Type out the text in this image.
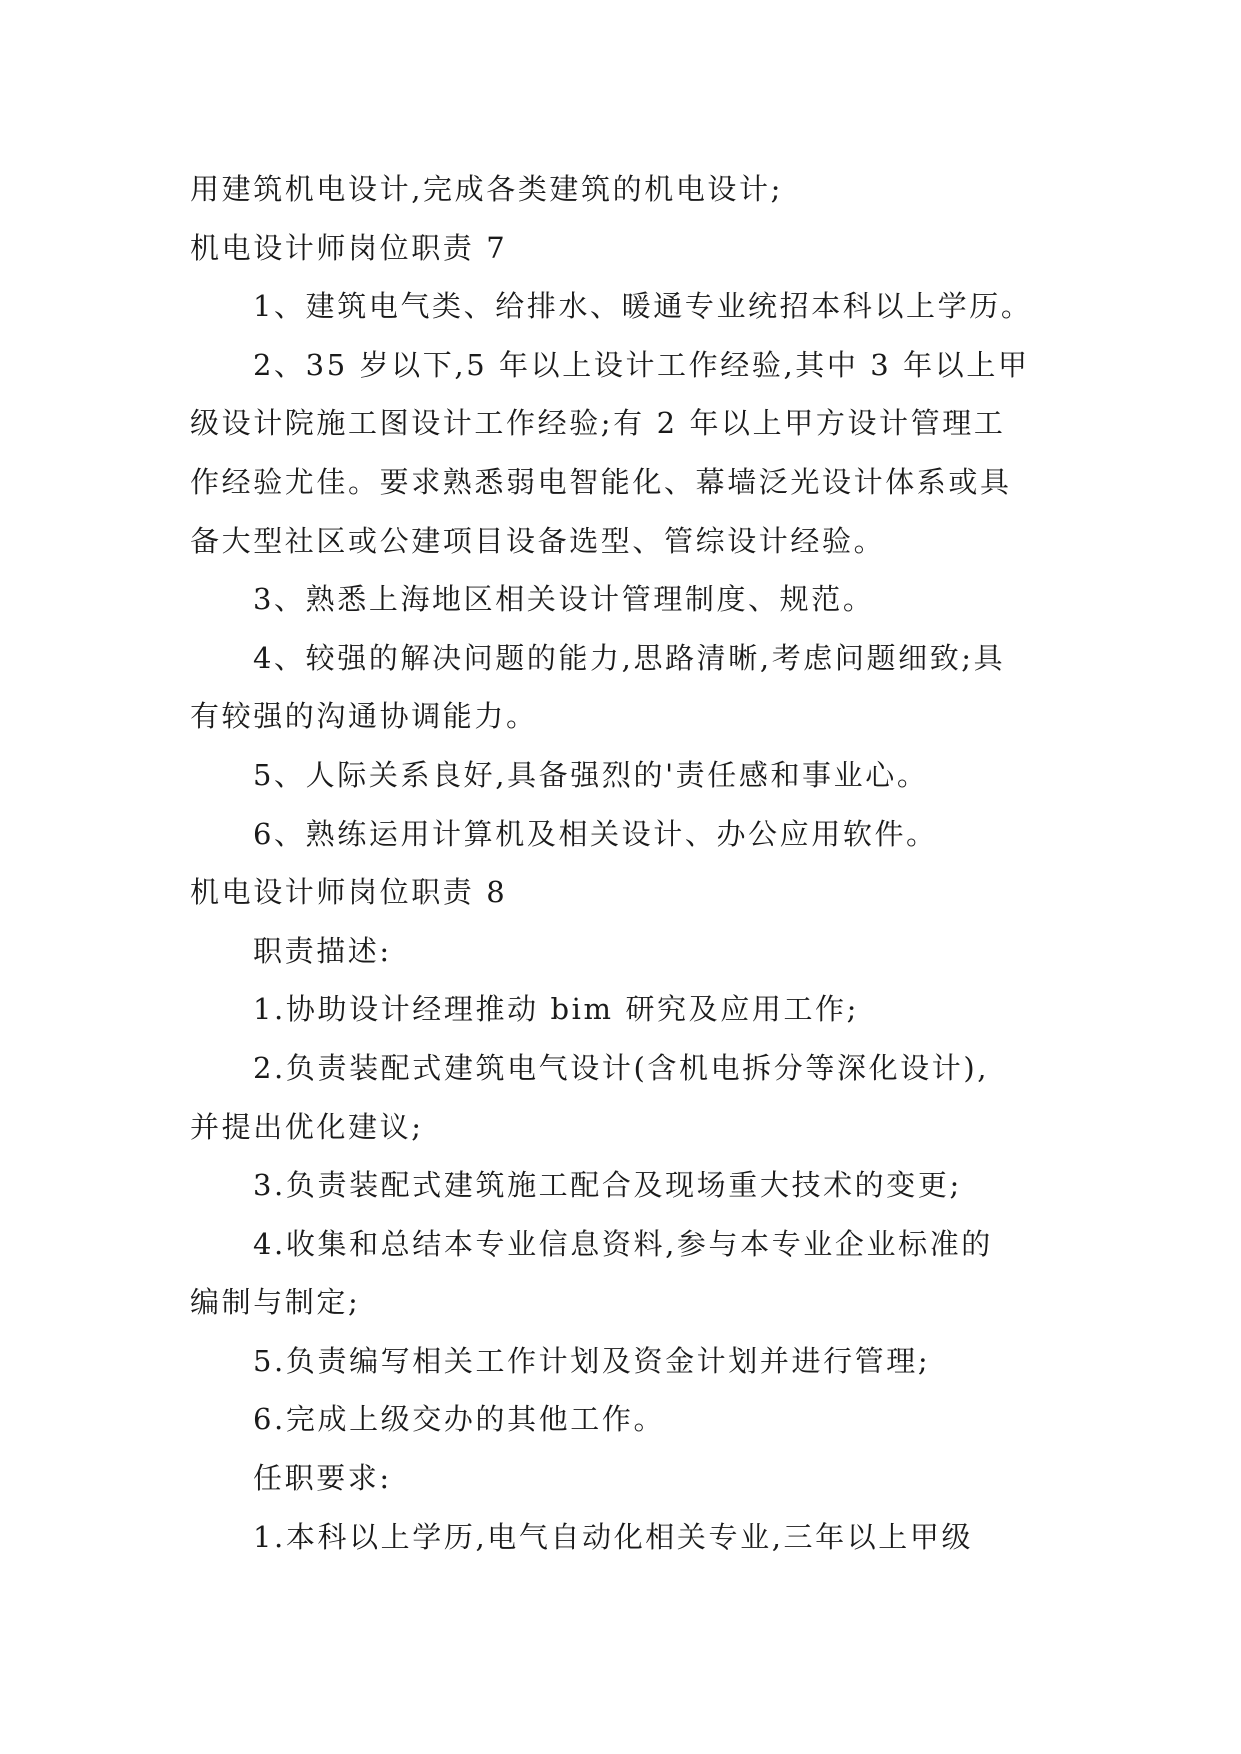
用建筑机电设计,完成各类建筑的机电设计;

机电设计师岗位职责 7

1、建筑电气类、给排水、暖通专业统招本科以上学历。

2、35 岁以下,5 年以上设计工作经验,其中 3 年以上甲

级设计院施工图设计工作经验;有 2 年以上甲方设计管理工

作经验尤佳。要求熟悉弱电智能化、幕墙泛光设计体系或具

备大型社区或公建项目设备选型、管综设计经验。

3、熟悉上海地区相关设计管理制度、规范。

4、较强的解决问题的能力,思路清晰,考虑问题细致;具

有较强的沟通协调能力。

5、人际关系良好,具备强烈的'责任感和事业心。

6、熟练运用计算机及相关设计、办公应用软件。

机电设计师岗位职责 8

职责描述:

1.协助设计经理推动 bim 研究及应用工作;

2.负责装配式建筑电气设计(含机电拆分等深化设计),

并提出优化建议;

3.负责装配式建筑施工配合及现场重大技术的变更;

4.收集和总结本专业信息资料,参与本专业企业标准的

编制与制定;

5.负责编写相关工作计划及资金计划并进行管理;

6.完成上级交办的其他工作。

任职要求:

1.本科以上学历,电气自动化相关专业,三年以上甲级
